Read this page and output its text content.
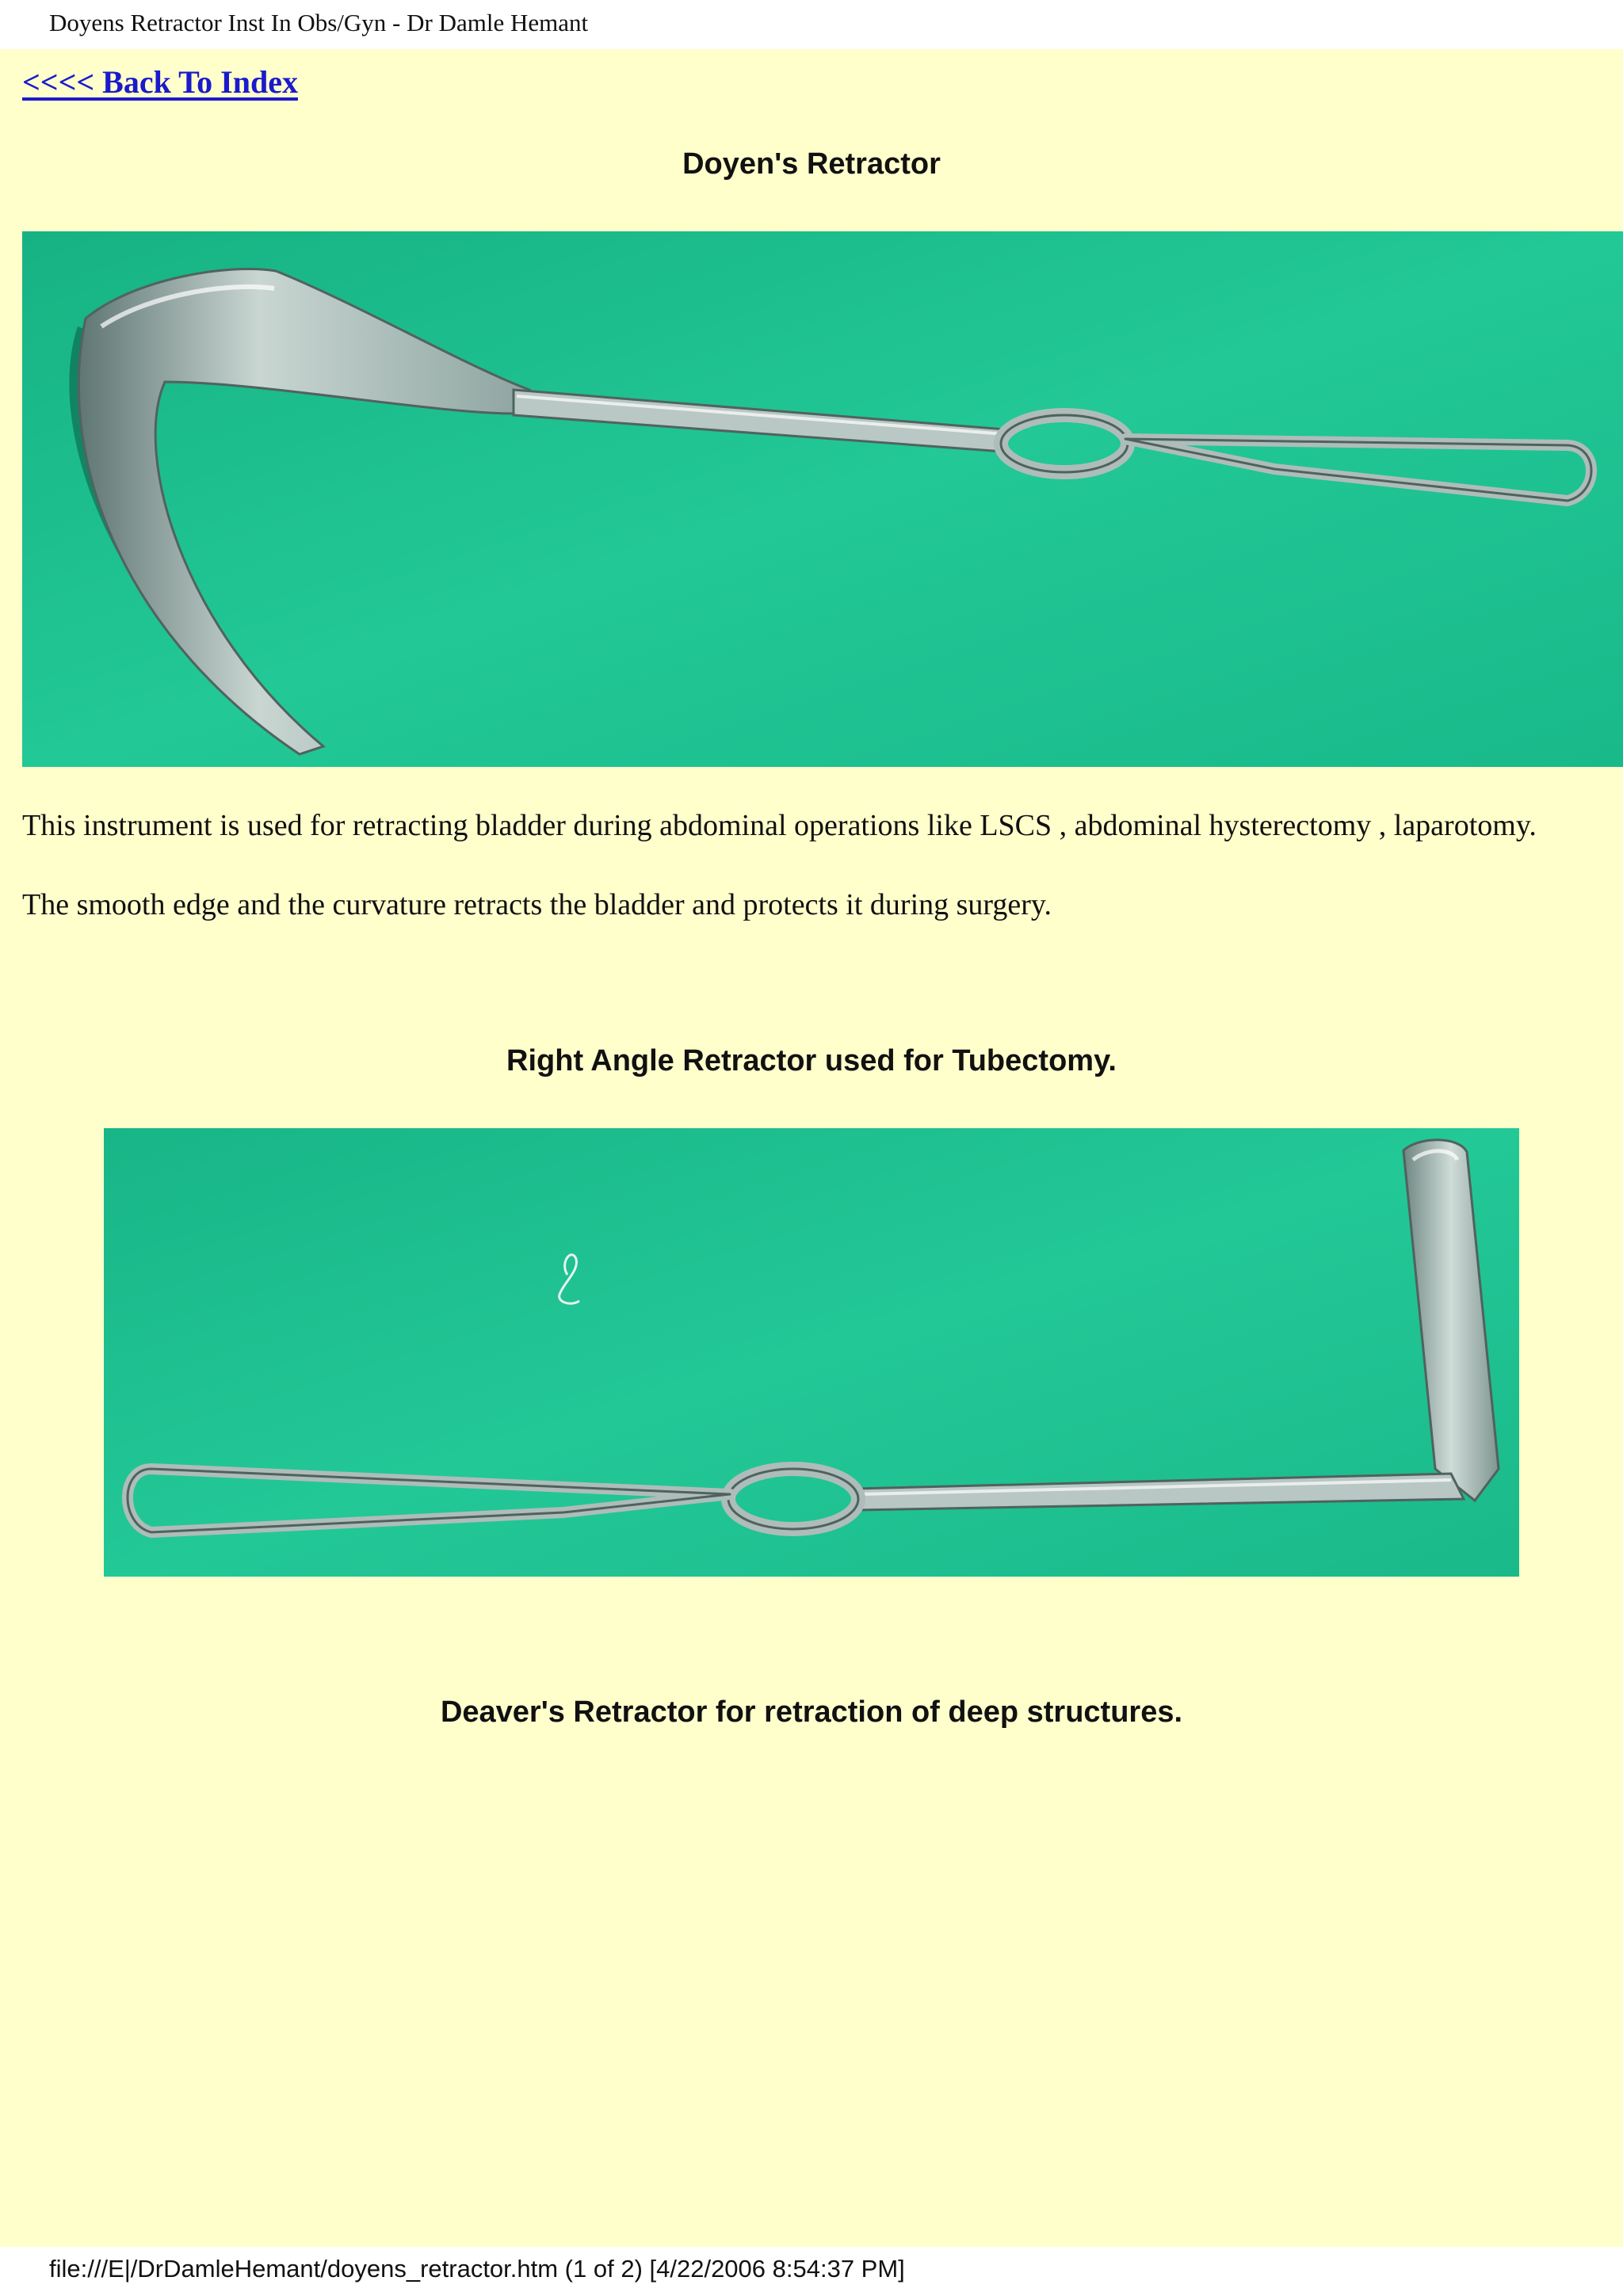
Doyens Retractor Inst In Obs/Gyn - Dr Damle Hemant
<<<< Back To Index
Doyen's Retractor

This instrument is used for retracting bladder during abdominal operations like LSCS , abdominal hysterectomy , laparotomy.

The smooth edge and the curvature retracts the bladder and protects it during surgery.

Right Angle Retractor used for Tubectomy.
Deaver's Retractor for retraction of deep structures.
file:///E|/DrDamleHemant/doyens_retractor.htm (1 of 2) [4/22/2006 8:54:37 PM]
